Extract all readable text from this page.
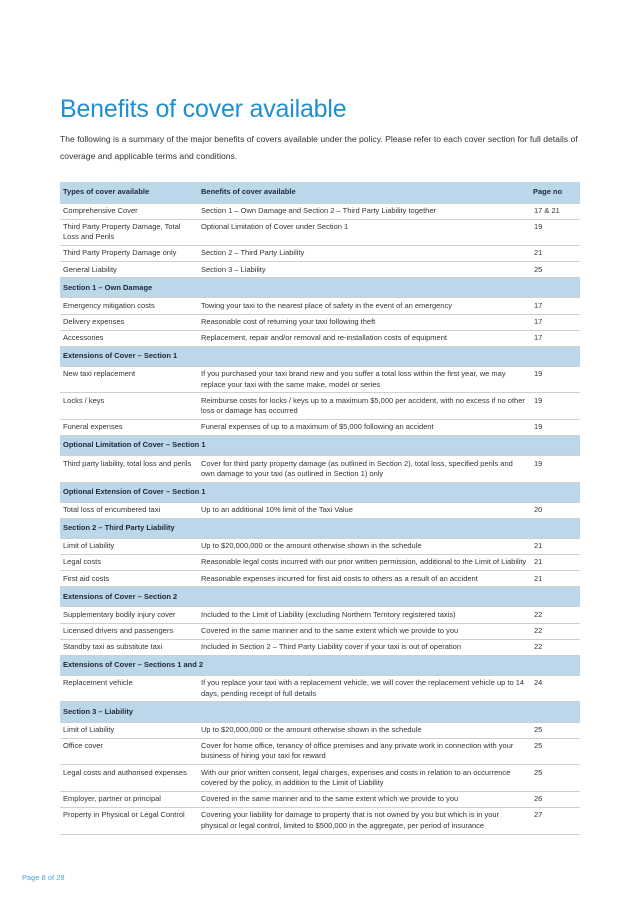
Benefits of cover available

The following is a summary of the major benefits of covers available under the policy. Please refer to each cover section for full details of coverage and applicable terms and conditions.

Types of cover available	Benefits of cover available	Page no
Comprehensive Cover	Section 1 – Own Damage and Section 2 – Third Party Liability together	17 & 21
Third Party Property Damage, Total Loss and Perils	Optional Limitation of Cover under Section 1	19
Third Party Property Damage only	Section 2 – Third Party Liability	21
General Liability	Section 3 – Liability	25
Section 1 – Own Damage		
Emergency mitigation costs	Towing your taxi to the nearest place of safety in the event of an emergency	17
Delivery expenses	Reasonable cost of returning your taxi following theft	17
Accessories	Replacement, repair and/or removal and re-installation costs of equipment	17
Extensions of Cover – Section 1		
New taxi replacement	If you purchased your taxi brand new and you suffer a total loss within the first year, we may replace your taxi with the same make, model or series	19
Locks / keys	Reimburse costs for locks / keys up to a maximum $5,000 per accident, with no excess if no other loss or damage has occurred	19
Funeral expenses	Funeral expenses of up to a maximum of $5,000 following an accident	19
Optional Limitation of Cover – Section 1		
Third party liability, total loss and perils	Cover for third party property damage (as outlined in Section 2), total loss, specified perils and own damage to your taxi (as outlined in Section 1) only	19
Optional Extension of Cover – Section 1		
Total loss of encumbered taxi	Up to an additional 10% limit of the Taxi Value	20
Section 2 – Third Party Liability		
Limit of Liability	Up to $20,000,000 or the amount otherwise shown in the schedule	21
Legal costs	Reasonable legal costs incurred with our prior written permission, additional to the Limit of Liability	21
First aid costs	Reasonable expenses incurred for first aid costs to others as a result of an accident	21
Extensions of Cover – Section 2		
Supplementary bodily injury cover	Included to the Limit of Liability (excluding Northern Territory registered taxis)	22
Licensed drivers and passengers	Covered in the same manner and to the same extent which we provide to you	22
Standby taxi as substitute taxi	Included in Section 2 – Third Party Liability cover if your taxi is out of operation	22
Extensions of Cover – Sections 1 and 2		
Replacement vehicle	If you replace your taxi with a replacement vehicle, we will cover the replacement vehicle up to 14 days, pending receipt of full details	24
Section 3 – Liability		
Limit of Liability	Up to $20,000,000 or the amount otherwise shown in the schedule	25
Office cover	Cover for home office, tenancy of office premises and any private work in connection with your business of hiring your taxi for reward	25
Legal costs and authorised expenses	With our prior written consent, legal charges, expenses and costs in relation to an occurrence covered by the policy, in addition to the Limit of Liability	25
Employer, partner or principal	Covered in the same manner and to the same extent which we provide to you	26
Property in Physical or Legal Control	Covering your liability for damage to property that is not owned by you but which is in your physical or legal control, limited to $500,000 in the aggregate, per period of insurance	27
Page 8 of 28
